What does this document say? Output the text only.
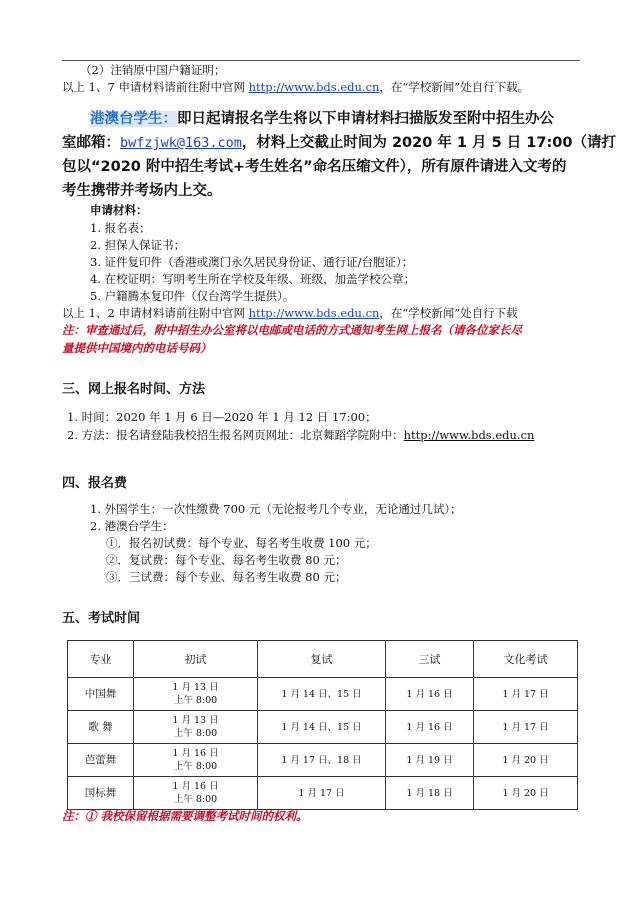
（2）注销原中国户籍证明；
以上 1、7 申请材料请前往附中官网 http://www.bds.edu.cn，在“学校新闻”处自行下载。
港澳台学生：即日起请报名学生将以下申请材料扫描版发至附中招生办公
室邮箱：bwfzjwk@163.com，材料上交截止时间为 2020 年 1 月 5 日 17:00（请打
包以“2020 附中招生考试+考生姓名”命名压缩文件），所有原件请进入文考的
考生携带并考场内上交。
申请材料：
1. 报名表；
2. 担保人保证书；
3. 证件复印件（香港或澳门永久居民身份证、通行证/台胞证）；
4. 在校证明：写明考生所在学校及年级、班级，加盖学校公章；
5. 户籍腾本复印件（仅台湾学生提供）。
以上 1、2 申请材料请前往附中官网 http://www.bds.edu.cn，在“学校新闻”处自行下载
注：审查通过后，附中招生办公室将以电邮或电话的方式通知考生网上报名（请各位家长尽
量提供中国境内的电话号码）
三、网上报名时间、方法
1. 时间：2020 年 1 月 6 日—2020 年 1 月 12 日 17:00；
2. 方法：报名请登陆我校招生报名网页网址：北京舞蹈学院附中：http://www.bds.edu.cn
四、报名费
1. 外国学生：一次性缴费 700 元（无论报考几个专业，无论通过几试）；
2. 港澳台学生：
①．报名初试费：每个专业、每名考生收费 100 元；
②．复试费：每个专业、每名考生收费 80 元；
③．三试费：每个专业、每名考生收费 80 元；
五、考试时间
专业	初试	复试	三试	文化考试
中国舞	1 月 13 日
上午 8:00	1 月 14 日、15 日	1 月 16 日	1 月 17 日
歌 舞	1 月 13 日
上午 8:00	1 月 14 日、15 日	1 月 16 日	1 月 17 日
芭蕾舞	1 月 16 日
上午 8:00	1 月 17 日、18 日	1 月 19 日	1 月 20 日
国标舞	1 月 16 日
上午 8:00	1 月 17 日	1 月 18 日	1 月 20 日
注：① 我校保留根据需要调整考试时间的权利。
